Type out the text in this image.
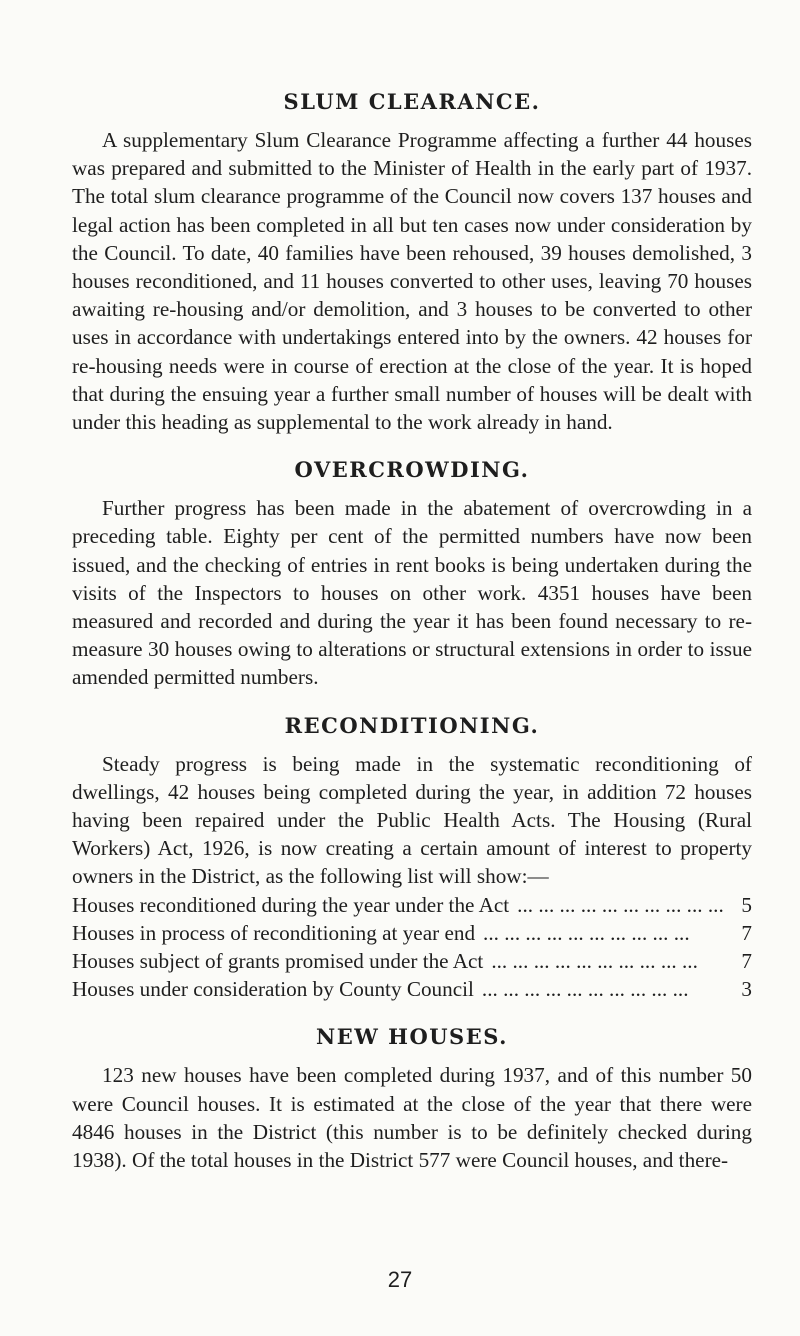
SLUM CLEARANCE.

A supplementary Slum Clearance Programme affecting a further 44 houses was prepared and submitted to the Minister of Health in the early part of 1937. The total slum clearance programme of the Council now covers 137 houses and legal action has been completed in all but ten cases now under consideration by the Council. To date, 40 families have been rehoused, 39 houses demolished, 3 houses reconditioned, and 11 houses converted to other uses, leaving 70 houses awaiting re-housing and/or demolition, and 3 houses to be converted to other uses in accordance with undertakings entered into by the owners. 42 houses for re-housing needs were in course of erection at the close of the year. It is hoped that during the ensuing year a further small number of houses will be dealt with under this heading as supplemental to the work already in hand.

OVERCROWDING.

Further progress has been made in the abatement of overcrowding in a preceding table. Eighty per cent of the permitted numbers have now been issued, and the checking of entries in rent books is being undertaken during the visits of the Inspectors to houses on other work. 4351 houses have been measured and recorded and during the year it has been found necessary to re-measure 30 houses owing to alterations or structural extensions in order to issue amended permitted numbers.

RECONDITIONING.

Steady progress is being made in the systematic reconditioning of dwellings, 42 houses being completed during the year, in addition 72 houses having been repaired under the Public Health Acts. The Housing (Rural Workers) Act, 1926, is now creating a certain amount of interest to property owners in the District, as the following list will show:—

Houses reconditioned during the year under the Act ... ... ... ... ... ... ... ... ... ... 5
Houses in process of reconditioning at year end ... ... ... ... ... ... ... ... ... ...	7
Houses subject of grants promised under the Act ... ... ... ... ... ... ... ... ... ...	7
Houses under consideration by County Council ... ... ... ... ... ... ... ... ... ...	3
NEW HOUSES.

123 new houses have been completed during 1937, and of this number 50 were Council houses. It is estimated at the close of the year that there were 4846 houses in the District (this number is to be definitely checked during 1938). Of the total houses in the District 577 were Council houses, and there-

27
